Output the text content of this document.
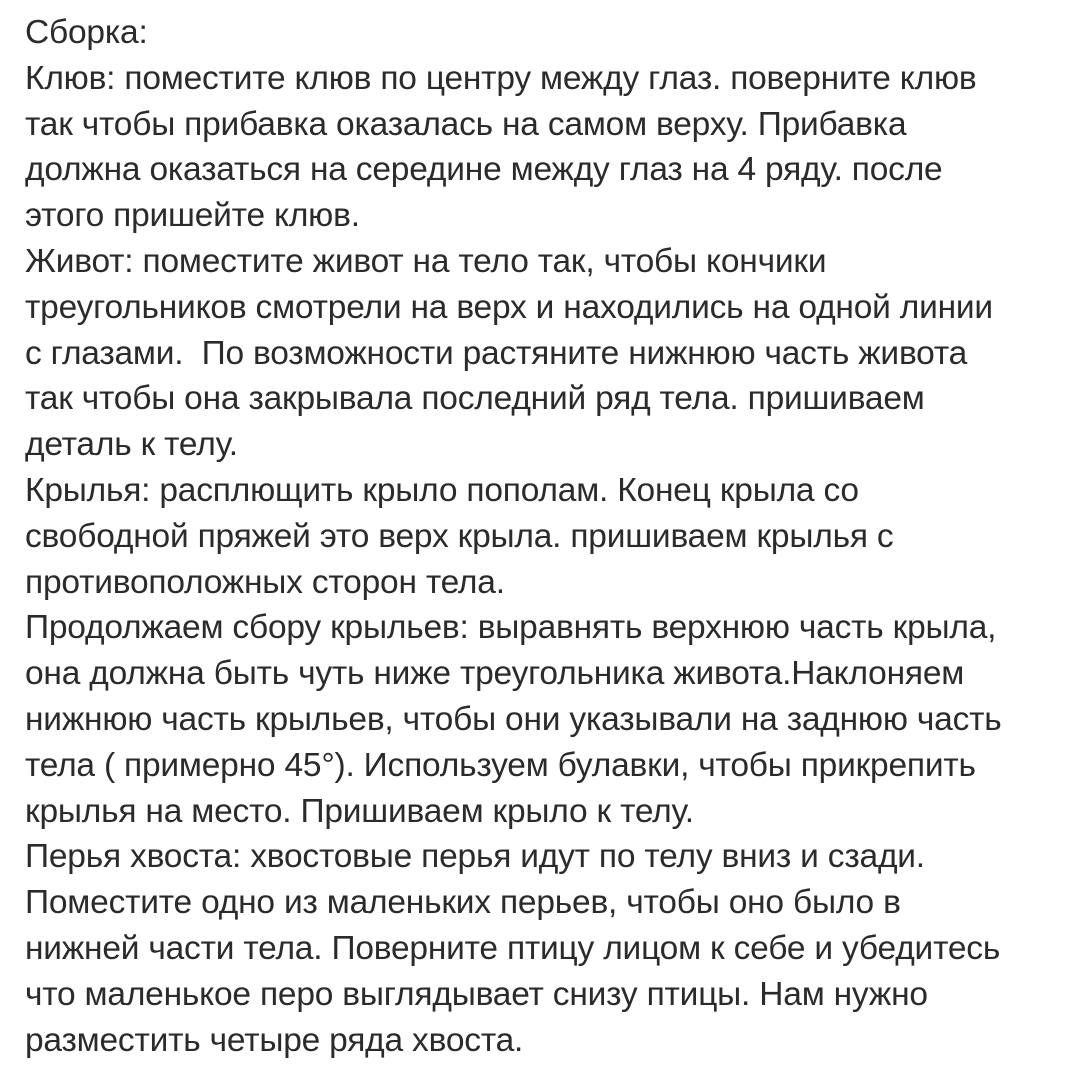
Сборка:
Клюв: поместите клюв по центру между глаз. поверните клюв
так чтобы прибавка оказалась на самом верху. Прибавка
должна оказаться на середине между глаз на 4 ряду. после
этого пришейте клюв.
Живот: поместите живот на тело так, чтобы кончики
треугольников смотрели на верх и находились на одной линии
с глазами.  По возможности растяните нижнюю часть живота
так чтобы она закрывала последний ряд тела. пришиваем
деталь к телу.
Крылья: расплющить крыло пополам. Конец крыла со
свободной пряжей это верх крыла. пришиваем крылья с
противоположных сторон тела.
Продолжаем сбору крыльев: выравнять верхнюю часть крыла,
она должна быть чуть ниже треугольника живота.Наклоняем
нижнюю часть крыльев, чтобы они указывали на заднюю часть
тела ( примерно 45°). Используем булавки, чтобы прикрепить
крылья на место. Пришиваем крыло к телу.
Перья хвоста: хвостовые перья идут по телу вниз и сзади.
Поместите одно из маленьких перьев, чтобы оно было в
нижней части тела. Поверните птицу лицом к себе и убедитесь
что маленькое перо выглядывает снизу птицы. Нам нужно
разместить четыре ряда хвоста.
